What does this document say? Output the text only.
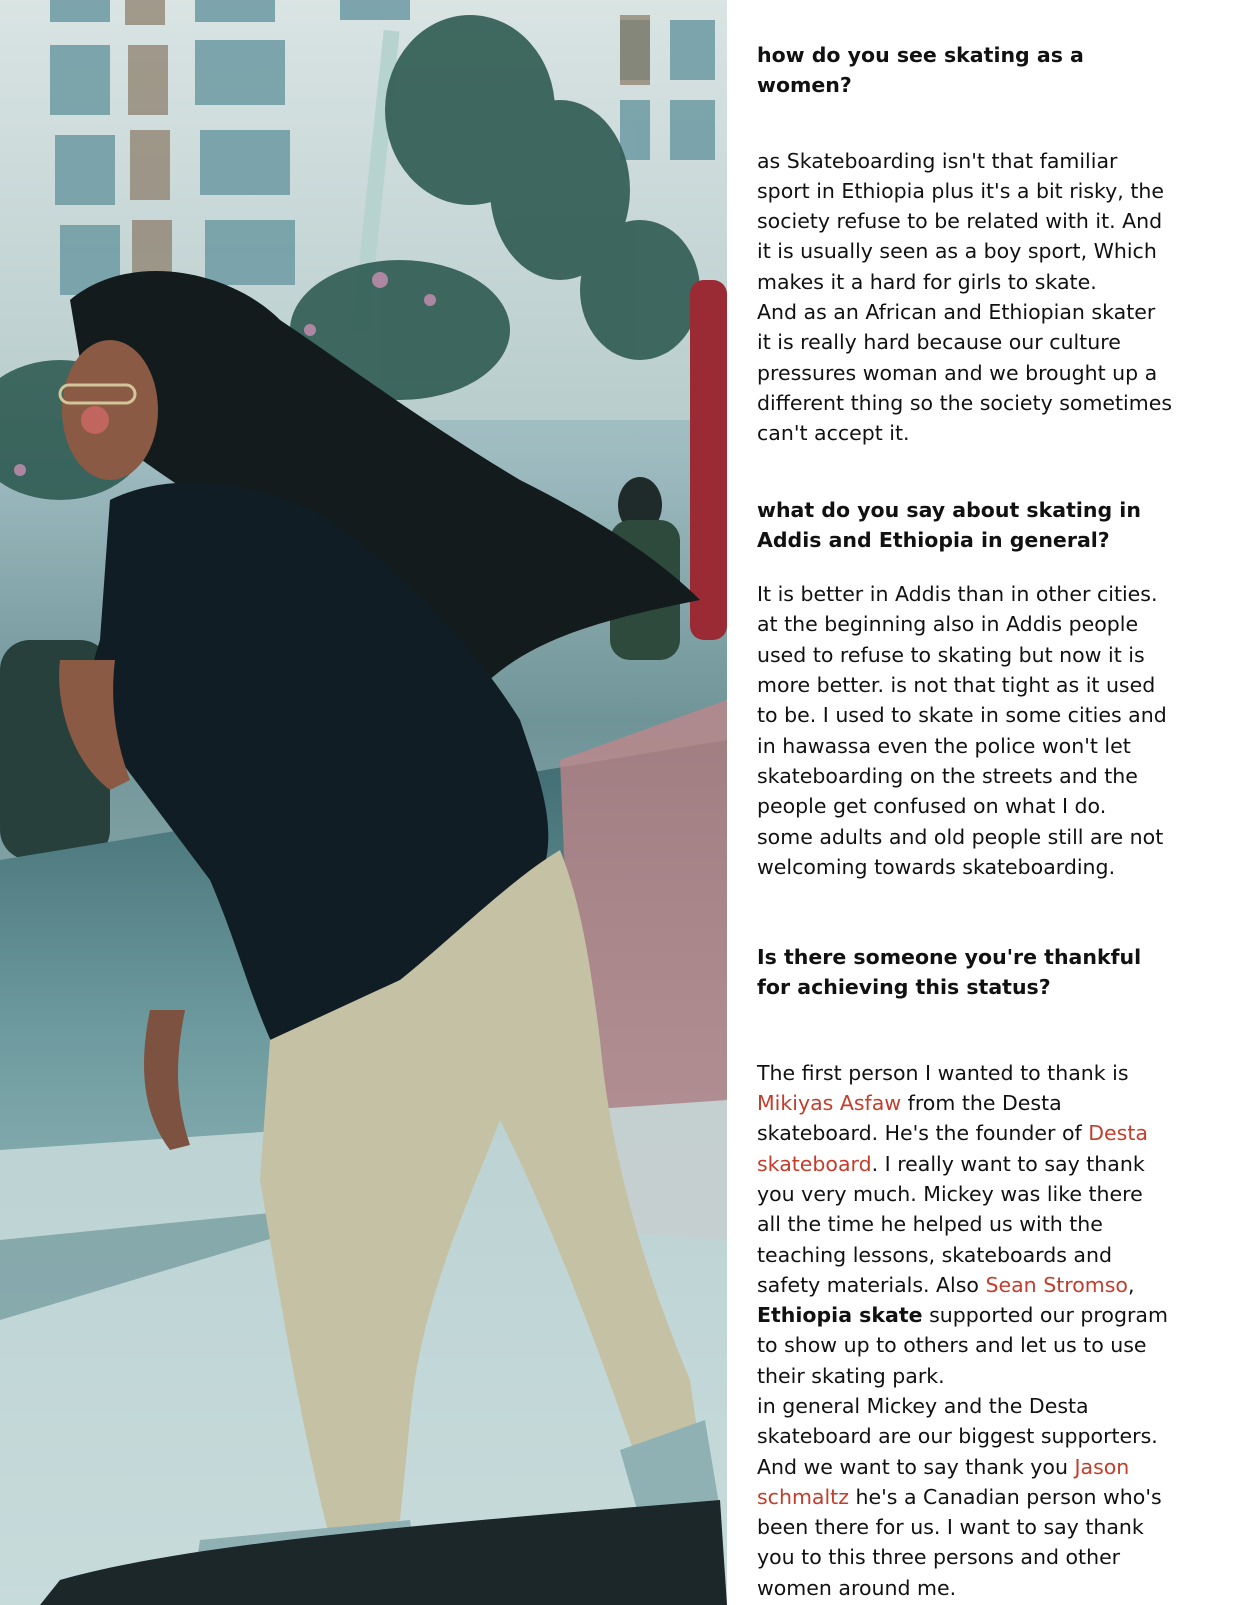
how do you see skating as a women?

as Skateboarding isn't that familiar sport in Ethiopia plus it's a bit risky, the society refuse to be related with it. And it is usually seen as a boy sport, Which makes it a hard for girls to skate.

And as an African and Ethiopian skater it is really hard because our culture pressures woman and we brought up a different thing so the society sometimes can't accept it.

what do you say about skating in Addis and Ethiopia in general?

It is better in Addis than in other cities. at the beginning also in Addis people used to refuse to skating but now it is more better. is not that tight as it used to be. I used to skate in some cities and in hawassa even the police won't let skateboarding on the streets and the people get confused on what I do.

some adults and old people still are not welcoming towards skateboarding.

Is there someone you're thankful for achieving this status?

The first person I wanted to thank is Mikiyas Asfaw from the Desta skateboard. He's the founder of Desta skateboard. I really want to say thank you very much. Mickey was like there all the time he helped us with the teaching lessons, skateboards and safety materials. Also Sean Stromso, Ethiopia skate supported our program to show up to others and let us to use their skating park.

in general Mickey and the Desta skateboard are our biggest supporters.

And we want to say thank you Jason schmaltz he's a Canadian person who's been there for us. I want to say thank you to this three persons and other women around me.
